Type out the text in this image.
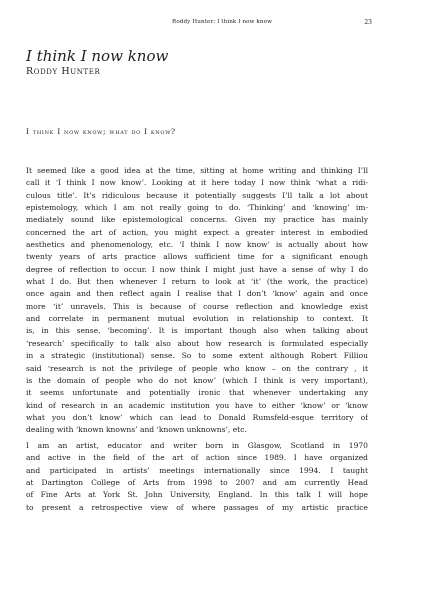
Roddy Hunter: I think I now know	23
I think I now know
Roddy Hunter
I think I now know; what do I know?
It seemed like a good idea at the time, sitting at home writing and thinking I’ll
call it ‘I think I now know’. Looking at it here today I now think ‘what a ridi-
culous title’. It’s ridiculous because it potentially suggests I’ll talk a lot about
epistemology, which I am not really going to do. ‘Thinking’ and ‘knowing’ im-
mediately sound like epistemological concerns. Given my practice has mainly
concerned the art of action, you might expect a greater interest in embodied
aesthetics and phenomenology, etc. ‘I think I now know’ is actually about how
twenty years of arts practice allows sufficient time for a significant enough
degree of reflection to occur. I now think I might just have a sense of why I do
what I do. But then whenever I return to look at ‘it’ (the work, the practice)
once again and then reflect again I realise that I don’t ‘know’ again and once
more ‘it’ unravels. This is because of course reflection and knowledge exist
and correlate in permanent mutual evolution in relationship to context. It
is, in this sense, ‘becoming’. It is important though also when talking about
‘research’ specifically to talk also about how research is formulated especially
in a strategic (institutional) sense. So to some extent although Robert Filliou
said ‘research is not the privilege of people who know – on the contrary , it
is the domain of people who do not know’ (which I think is very important),
it seems unfortunate and potentially ironic that whenever undertaking any
kind of research in an academic institution you have to either ‘know’ or ‘know
what you don’t know’ which can lead to Donald Rumsfeld-esque territory of
dealing with ‘known knowns’ and ‘known unknowns’, etc.
I am an artist, educator and writer born in Glasgow, Scotland in 1970
and active in the field of the art of action since 1989. I have organized
and participated in artists’ meetings internationally since 1994. I taught
at Dartington College of Arts from 1998 to 2007 and am currently Head
of Fine Arts at York St. John University, England. In this talk I will hope
to present a retrospective view of where passages of my artistic practice
